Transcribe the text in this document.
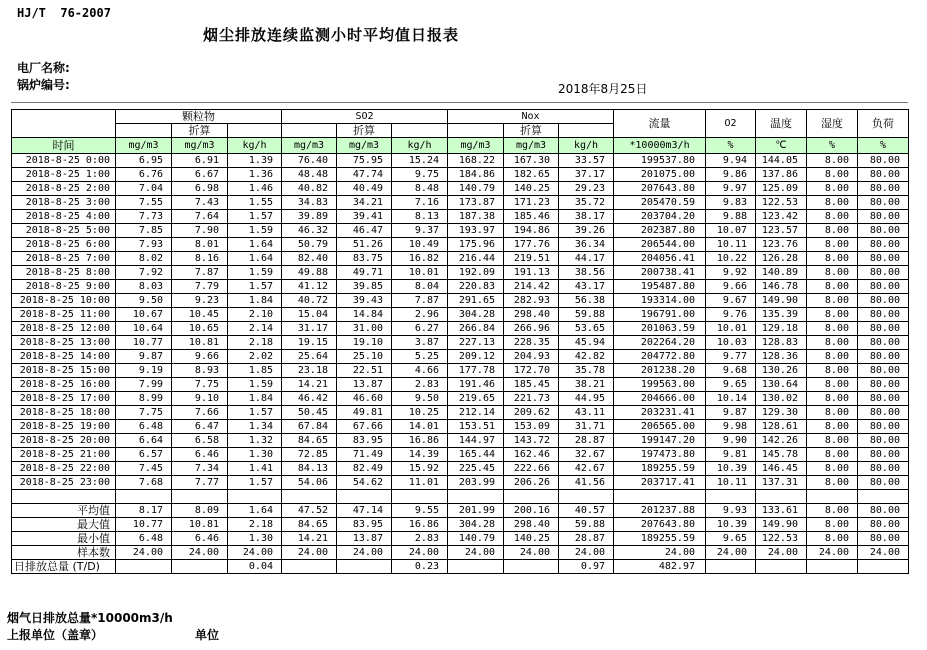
HJ/T  76-2007
烟尘排放连续监测小时平均值日报表
电厂名称:
锅炉编号:	2018年8月25日
	颗粒物			SO2			Nox			流量	O2	温度	湿度	负荷
		折算			折算			折算						
时间	mg/m3	mg/m3	kg/h	mg/m3	mg/m3	kg/h	mg/m3	mg/m3	kg/h	*10000m3/h	%	℃	%	%
2018-8-25 0:00	6.95	6.91	1.39	76.40	75.95	15.24	168.22	167.30	33.57	199537.80	9.94	144.05	8.00	80.00
2018-8-25 1:00	6.76	6.67	1.36	48.48	47.74	9.75	184.86	182.65	37.17	201075.00	9.86	137.86	8.00	80.00
2018-8-25 2:00	7.04	6.98	1.46	40.82	40.49	8.48	140.79	140.25	29.23	207643.80	9.97	125.09	8.00	80.00
2018-8-25 3:00	7.55	7.43	1.55	34.83	34.21	7.16	173.87	171.23	35.72	205470.59	9.83	122.53	8.00	80.00
2018-8-25 4:00	7.73	7.64	1.57	39.89	39.41	8.13	187.38	185.46	38.17	203704.20	9.88	123.42	8.00	80.00
2018-8-25 5:00	7.85	7.90	1.59	46.32	46.47	9.37	193.97	194.86	39.26	202387.80	10.07	123.57	8.00	80.00
2018-8-25 6:00	7.93	8.01	1.64	50.79	51.26	10.49	175.96	177.76	36.34	206544.00	10.11	123.76	8.00	80.00
2018-8-25 7:00	8.02	8.16	1.64	82.40	83.75	16.82	216.44	219.51	44.17	204056.41	10.22	126.28	8.00	80.00
2018-8-25 8:00	7.92	7.87	1.59	49.88	49.71	10.01	192.09	191.13	38.56	200738.41	9.92	140.89	8.00	80.00
2018-8-25 9:00	8.03	7.79	1.57	41.12	39.85	8.04	220.83	214.42	43.17	195487.80	9.66	146.78	8.00	80.00
2018-8-25 10:00	9.50	9.23	1.84	40.72	39.43	7.87	291.65	282.93	56.38	193314.00	9.67	149.90	8.00	80.00
2018-8-25 11:00	10.67	10.45	2.10	15.04	14.84	2.96	304.28	298.40	59.88	196791.00	9.76	135.39	8.00	80.00
2018-8-25 12:00	10.64	10.65	2.14	31.17	31.00	6.27	266.84	266.96	53.65	201063.59	10.01	129.18	8.00	80.00
2018-8-25 13:00	10.77	10.81	2.18	19.15	19.10	3.87	227.13	228.35	45.94	202264.20	10.03	128.83	8.00	80.00
2018-8-25 14:00	9.87	9.66	2.02	25.64	25.10	5.25	209.12	204.93	42.82	204772.80	9.77	128.36	8.00	80.00
2018-8-25 15:00	9.19	8.93	1.85	23.18	22.51	4.66	177.78	172.70	35.78	201238.20	9.68	130.26	8.00	80.00
2018-8-25 16:00	7.99	7.75	1.59	14.21	13.87	2.83	191.46	185.45	38.21	199563.00	9.65	130.64	8.00	80.00
2018-8-25 17:00	8.99	9.10	1.84	46.42	46.60	9.50	219.65	221.73	44.95	204666.00	10.14	130.02	8.00	80.00
2018-8-25 18:00	7.75	7.66	1.57	50.45	49.81	10.25	212.14	209.62	43.11	203231.41	9.87	129.30	8.00	80.00
2018-8-25 19:00	6.48	6.47	1.34	67.84	67.66	14.01	153.51	153.09	31.71	206565.00	9.98	128.61	8.00	80.00
2018-8-25 20:00	6.64	6.58	1.32	84.65	83.95	16.86	144.97	143.72	28.87	199147.20	9.90	142.26	8.00	80.00
2018-8-25 21:00	6.57	6.46	1.30	72.85	71.49	14.39	165.44	162.46	32.67	197473.80	9.81	145.78	8.00	80.00
2018-8-25 22:00	7.45	7.34	1.41	84.13	82.49	15.92	225.45	222.66	42.67	189255.59	10.39	146.45	8.00	80.00
2018-8-25 23:00	7.68	7.77	1.57	54.06	54.62	11.01	203.99	206.26	41.56	203717.41	10.11	137.31	8.00	80.00

平均值	8.17	8.09	1.64	47.52	47.14	9.55	201.99	200.16	40.57	201237.88	9.93	133.61	8.00	80.00
最大值	10.77	10.81	2.18	84.65	83.95	16.86	304.28	298.40	59.88	207643.80	10.39	149.90	8.00	80.00
最小值	6.48	6.46	1.30	14.21	13.87	2.83	140.79	140.25	28.87	189255.59	9.65	122.53	8.00	80.00
样本数	24.00	24.00	24.00	24.00	24.00	24.00	24.00	24.00	24.00	24.00	24.00	24.00	24.00	24.00
日排放总量 (T/D)			0.04			0.23			0.97	482.97				
烟气日排放总量*10000m3/h
上报单位（盖章）	单位
